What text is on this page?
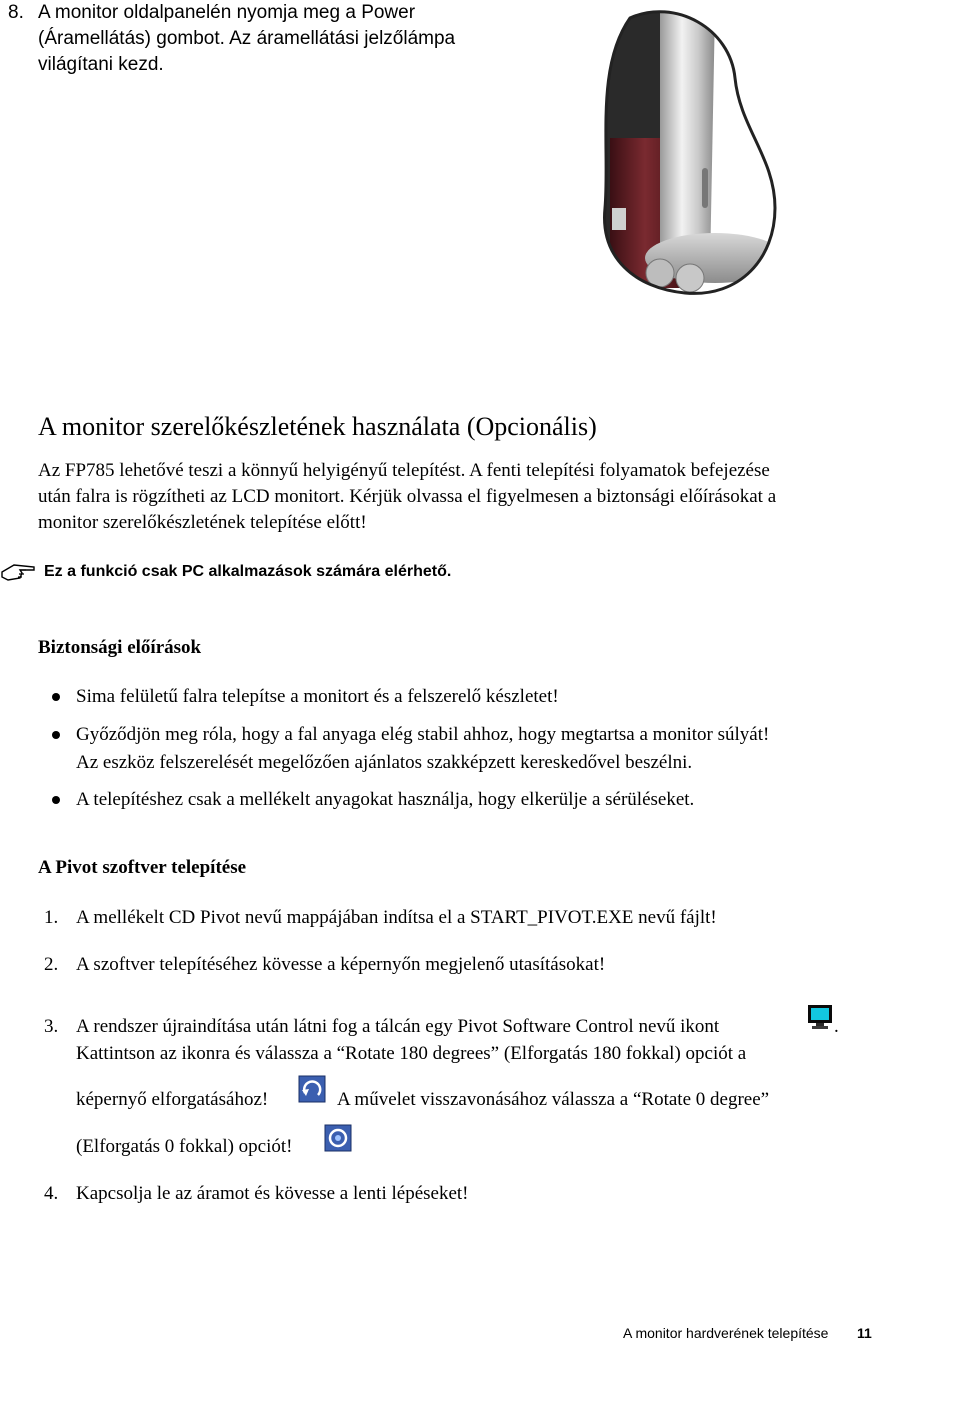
8. A monitor oldalpanelén nyomja meg a Power
(Áramellátás) gombot. Az áramellátási jelzőlámpa
világítani kezd.
A monitor szerelőkészletének használata (Opcionális)
Az FP785 lehetővé teszi a könnyű helyigényű telepítést. A fenti telepítési folyamatok befejezése
után falra is rögzítheti az LCD monitort. Kérjük olvassa el figyelmesen a biztonsági előírásokat a
monitor szerelőkészletének telepítése előtt!
Ez a funkció csak PC alkalmazások számára elérhető.
Biztonsági előírások
Sima felületű falra telepítse a monitort és a felszerelő készletet!
Győződjön meg róla, hogy a fal anyaga elég stabil ahhoz, hogy megtartsa a monitor súlyát!
Az eszköz felszerelését megelőzően ajánlatos szakképzett kereskedővel beszélni.
A telepítéshez csak a mellékelt anyagokat használja, hogy elkerülje a sérüléseket.
A Pivot szoftver telepítése
1. A mellékelt CD Pivot nevű mappájában indítsa el a START_PIVOT.EXE nevű fájlt!
2. A szoftver telepítéséhez kövesse a képernyőn megjelenő utasításokat!
3. A rendszer újraindítása után látni fog a tálcán egy Pivot Software Control nevű ikont	.
Kattintson az ikonra és válassza a “Rotate 180 degrees” (Elforgatás 180 fokkal) opciót a
képernyő elforgatásához!	A művelet visszavonásához válassza a “Rotate 0 degree”
(Elforgatás 0 fokkal) opciót!
4. Kapcsolja le az áramot és kövesse a lenti lépéseket!
A monitor hardverének telepítése 11
